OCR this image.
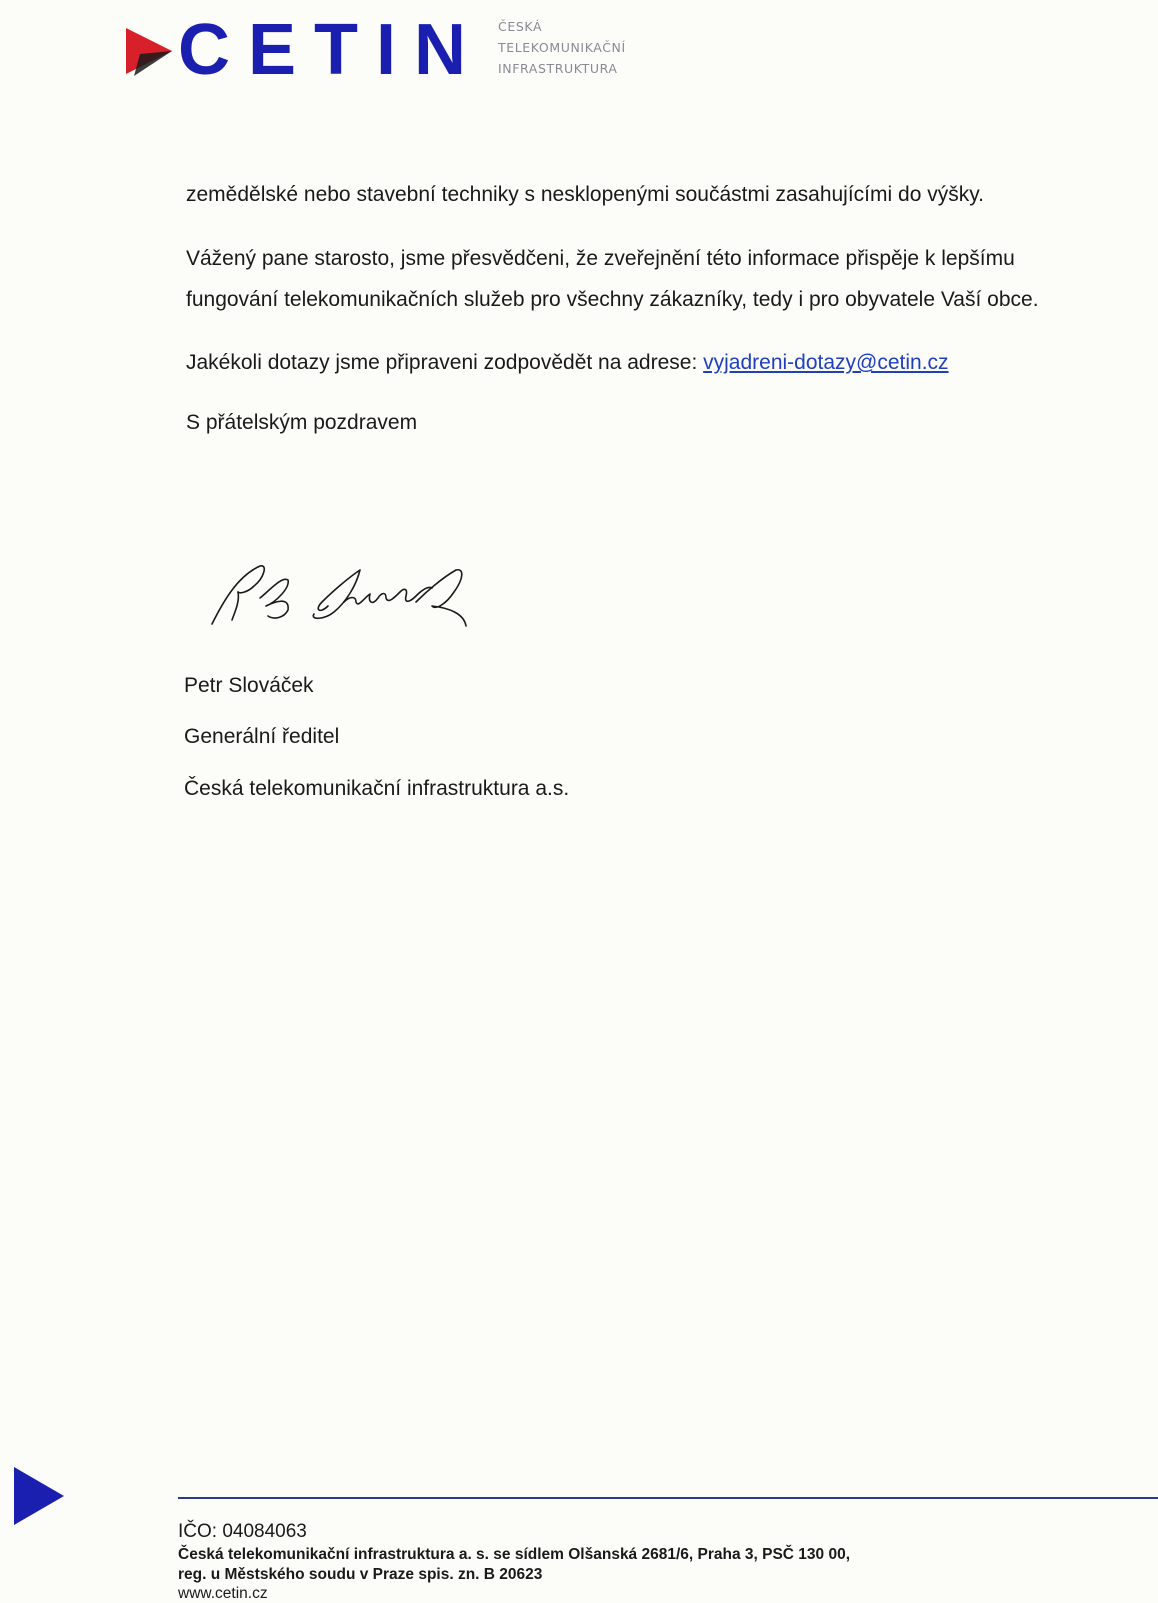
CETIN ČESKÁ
TELEKOMUNIKAČNÍ
INFRASTRUKTURA
zemědělské nebo stavební techniky s nesklopenými součástmi zasahujícími do výšky.
Vážený pane starosto, jsme přesvědčeni, že zveřejnění této informace přispěje k lepšímu
fungování telekomunikačních služeb pro všechny zákazníky, tedy i pro obyvatele Vaší obce.
Jakékoli dotazy jsme připraveni zodpovědět na adrese: vyjadreni-dotazy@cetin.cz
S přátelským pozdravem
Petr Slováček
Generální ředitel
Česká telekomunikační infrastruktura a.s.
IČO: 04084063
Česká telekomunikační infrastruktura a. s. se sídlem Olšanská 2681/6, Praha 3, PSČ 130 00,
reg. u Městského soudu v Praze spis. zn. B 20623
www.cetin.cz
